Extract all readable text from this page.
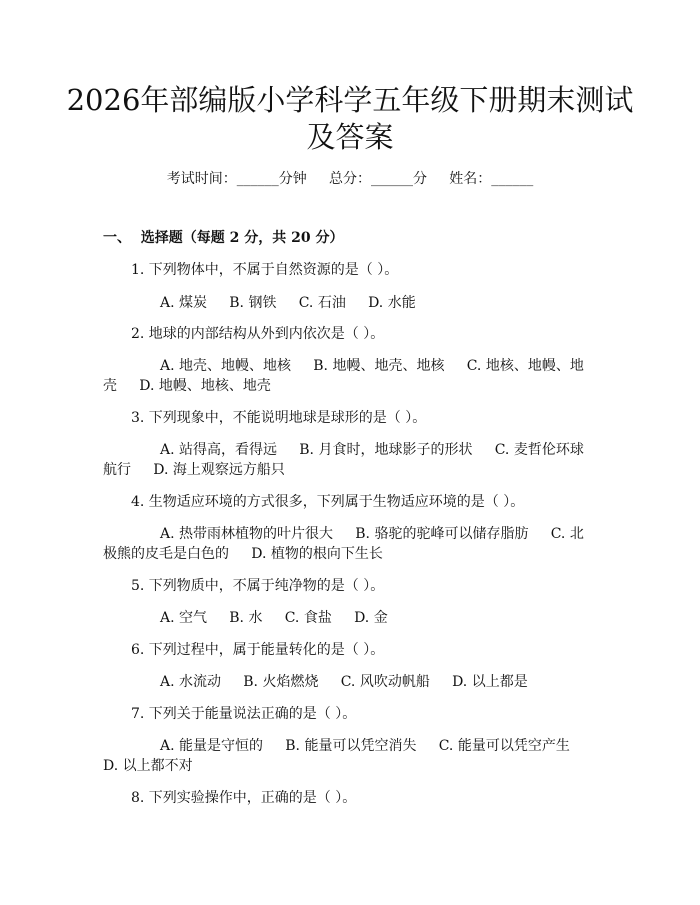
2026年部编版小学科学五年级下册期末测试
及答案
考试时间：______分钟     总分：______分     姓名：______
一、  选择题（每题 2 分，共 20 分）
1. 下列物体中，不属于自然资源的是（ ）。
A. 煤炭     B. 钢铁     C. 石油     D. 水能
2. 地球的内部结构从外到内依次是（ ）。
A. 地壳、地幔、地核     B. 地幔、地壳、地核     C. 地核、地幔、地
壳     D. 地幔、地核、地壳
3. 下列现象中，不能说明地球是球形的是（ ）。
A. 站得高，看得远     B. 月食时，地球影子的形状     C. 麦哲伦环球
航行     D. 海上观察远方船只
4. 生物适应环境的方式很多，下列属于生物适应环境的是（ ）。
A. 热带雨林植物的叶片很大     B. 骆驼的驼峰可以储存脂肪     C. 北
极熊的皮毛是白色的     D. 植物的根向下生长
5. 下列物质中，不属于纯净物的是（ ）。
A. 空气     B. 水     C. 食盐     D. 金
6. 下列过程中，属于能量转化的是（ ）。
A. 水流动     B. 火焰燃烧     C. 风吹动帆船     D. 以上都是
7. 下列关于能量说法正确的是（ ）。
A. 能量是守恒的     B. 能量可以凭空消失     C. 能量可以凭空产生
D. 以上都不对
8. 下列实验操作中，正确的是（ ）。
